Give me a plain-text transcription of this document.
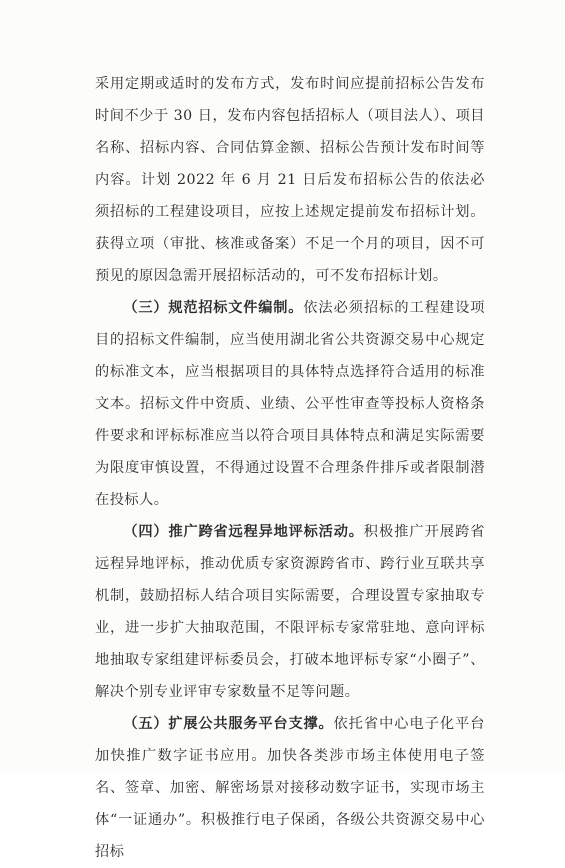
采用定期或适时的发布方式，发布时间应提前招标公告发布时间不少于 30 日，发布内容包括招标人（项目法人）、项目名称、招标内容、合同估算金额、招标公告预计发布时间等内容。计划 2022 年 6 月 21 日后发布招标公告的依法必须招标的工程建设项目，应按上述规定提前发布招标计划。获得立项（审批、核准或备案）不足一个月的项目，因不可预见的原因急需开展招标活动的，可不发布招标计划。

（三）规范招标文件编制。依法必须招标的工程建设项目的招标文件编制，应当使用湖北省公共资源交易中心规定的标准文本，应当根据项目的具体特点选择符合适用的标准文本。招标文件中资质、业绩、公平性审查等投标人资格条件要求和评标标准应当以符合项目具体特点和满足实际需要为限度审慎设置，不得通过设置不合理条件排斥或者限制潜在投标人。

（四）推广跨省远程异地评标活动。积极推广开展跨省远程异地评标，推动优质专家资源跨省市、跨行业互联共享机制，鼓励招标人结合项目实际需要，合理设置专家抽取专业，进一步扩大抽取范围，不限评标专家常驻地、意向评标地抽取专家组建评标委员会，打破本地评标专家“小圈子”、解决个别专业评审专家数量不足等问题。

（五）扩展公共服务平台支撑。依托省中心电子化平台加快推广数字证书应用。加快各类涉市场主体使用电子签名、签章、加密、解密场景对接移动数字证书，实现市场主体“一证通办”。积极推行电子保函，各级公共资源交易中心招标
